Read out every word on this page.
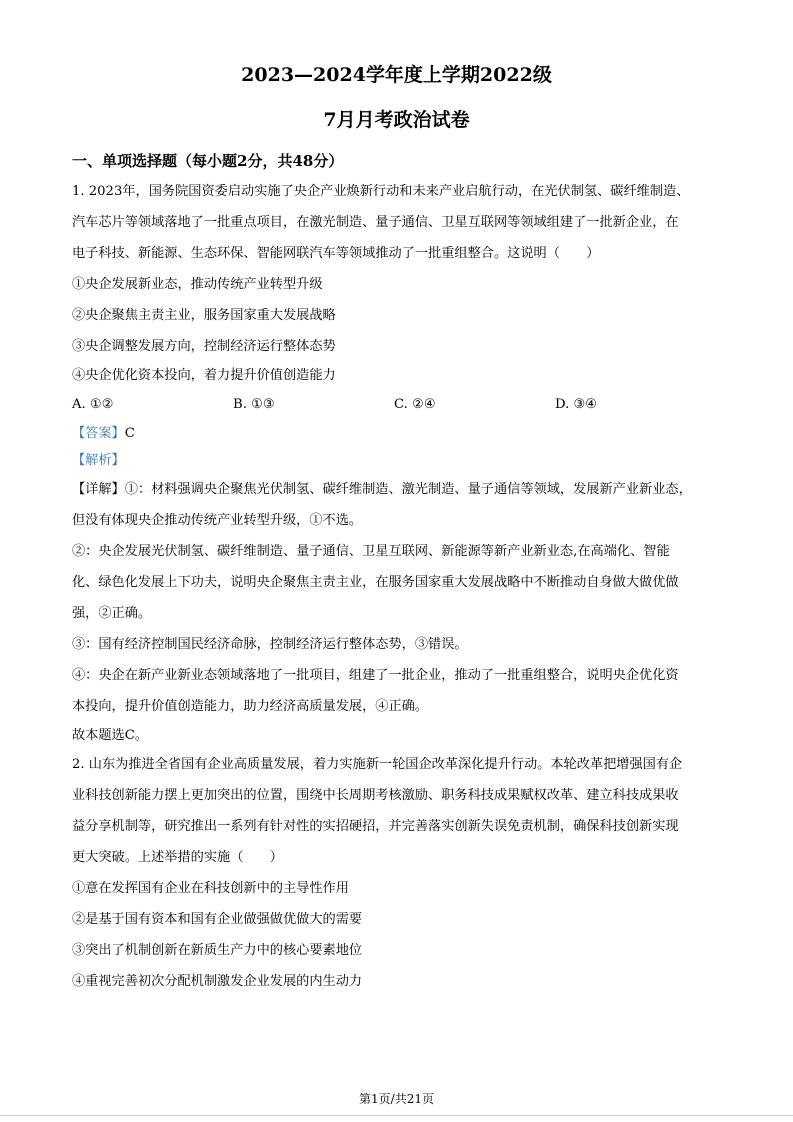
2023—2024学年度上学期2022级
7月月考政治试卷
一、单项选择题（每小题2分，共48分）
1. 2023年，国务院国资委启动实施了央企产业焕新行动和未来产业启航行动，在光伏制氢、碳纤维制造、
汽车芯片等领域落地了一批重点项目，在激光制造、量子通信、卫星互联网等领域组建了一批新企业，在
电子科技、新能源、生态环保、智能网联汽车等领域推动了一批重组整合。这说明（　　）
①央企发展新业态，推动传统产业转型升级
②央企聚焦主责主业，服务国家重大发展战略
③央企调整发展方向，控制经济运行整体态势
④央企优化资本投向，着力提升价值创造能力
A. ①②	B. ①③	C. ②④	D. ③④
【答案】C
【解析】
【详解】①：材料强调央企聚焦光伏制氢、碳纤维制造、激光制造、量子通信等领域，发展新产业新业态，
但没有体现央企推动传统产业转型升级，①不选。
②：央企发展光伏制氢、碳纤维制造、量子通信、卫星互联网、新能源等新产业新业态,在高端化、智能
化、绿色化发展上下功夫，说明央企聚焦主责主业，在服务国家重大发展战略中不断推动自身做大做优做
强，②正确。
③：国有经济控制国民经济命脉，控制经济运行整体态势，③错误。
④：央企在新产业新业态领域落地了一批项目，组建了一批企业，推动了一批重组整合，说明央企优化资
本投向，提升价值创造能力，助力经济高质量发展，④正确。
故本题选C。
2. 山东为推进全省国有企业高质量发展，着力实施新一轮国企改革深化提升行动。本轮改革把增强国有企
业科技创新能力摆上更加突出的位置，围绕中长周期考核激励、职务科技成果赋权改革、建立科技成果收
益分享机制等，研究推出一系列有针对性的实招硬招，并完善落实创新失误免责机制，确保科技创新实现
更大突破。上述举措的实施（　　）
①意在发挥国有企业在科技创新中的主导性作用
②是基于国有资本和国有企业做强做优做大的需要
③突出了机制创新在新质生产力中的核心要素地位
④重视完善初次分配机制激发企业发展的内生动力
第1页/共21页
